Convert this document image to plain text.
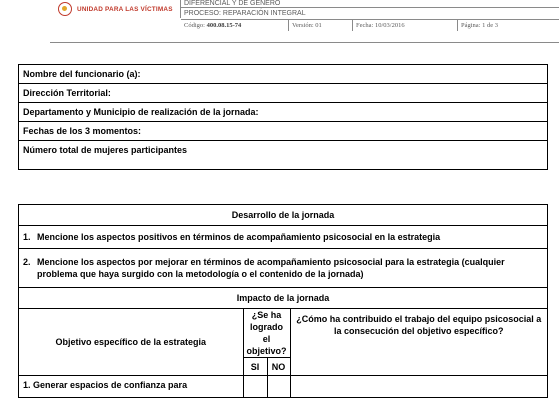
UNIDAD PARA LAS VÍCTIMAS
DIFERENCIAL Y DE GÉNERO
PROCESO: REPARACIÓN INTEGRAL
Código: 400.08.15-74	Versión: 01	Fecha: 10/03/2016	Página: 1 de 3
Nombre del funcionario (a):
Dirección Territorial:
Departamento y Municipio de realización de la jornada:
Fechas de los 3 momentos:
Número total de mujeres participantes
Desarrollo de la jornada			

1. Mencione los aspectos positivos en términos de acompañamiento psicosocial en la estrategia			

2. Mencione los aspectos por mejorar en términos de acompañamiento psicosocial para la estrategia (cualquier problema que haya surgido con la metodología o el contenido de la jornada)			

Impacto de la jornada			
Objetivo específico de la estrategia	¿Se ha logrado el objetivo?		¿Cómo ha contribuido el trabajo del equipo psicosocial a la consecución del objetivo específico?
	SI	NO	
1. Generar espacios de confianza para			
